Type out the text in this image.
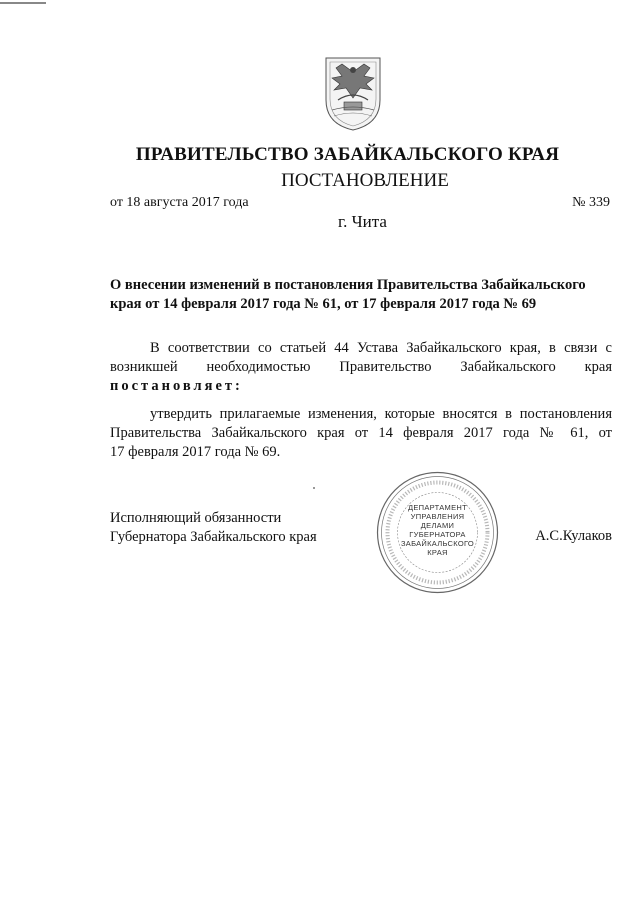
ПРАВИТЕЛЬСТВО ЗАБАЙКАЛЬСКОГО КРАЯ
ПОСТАНОВЛЕНИЕ
от 18 августа 2017 года	№ 339
г. Чита
О внесении изменений в постановления Правительства Забайкальского
края от 14 февраля 2017 года № 61, от 17 февраля 2017 года № 69
В соответствии со статьей 44 Устава Забайкальского края, в связи с
возникшей необходимостью Правительство Забайкальского края
постановляет:
утвердить прилагаемые изменения, которые вносятся в постановления
Правительства Забайкальского края от 14 февраля 2017 года № 61, от
17 февраля 2017 года № 69.
Исполняющий обязанности
Губернатора Забайкальского края
ДЕПАРТАМЕНТ
УПРАВЛЕНИЯ
ДЕЛАМИ
ГУБЕРНАТОРА
ЗАБАЙКАЛЬСКОГО
КРАЯ
А.С.Кулаков
